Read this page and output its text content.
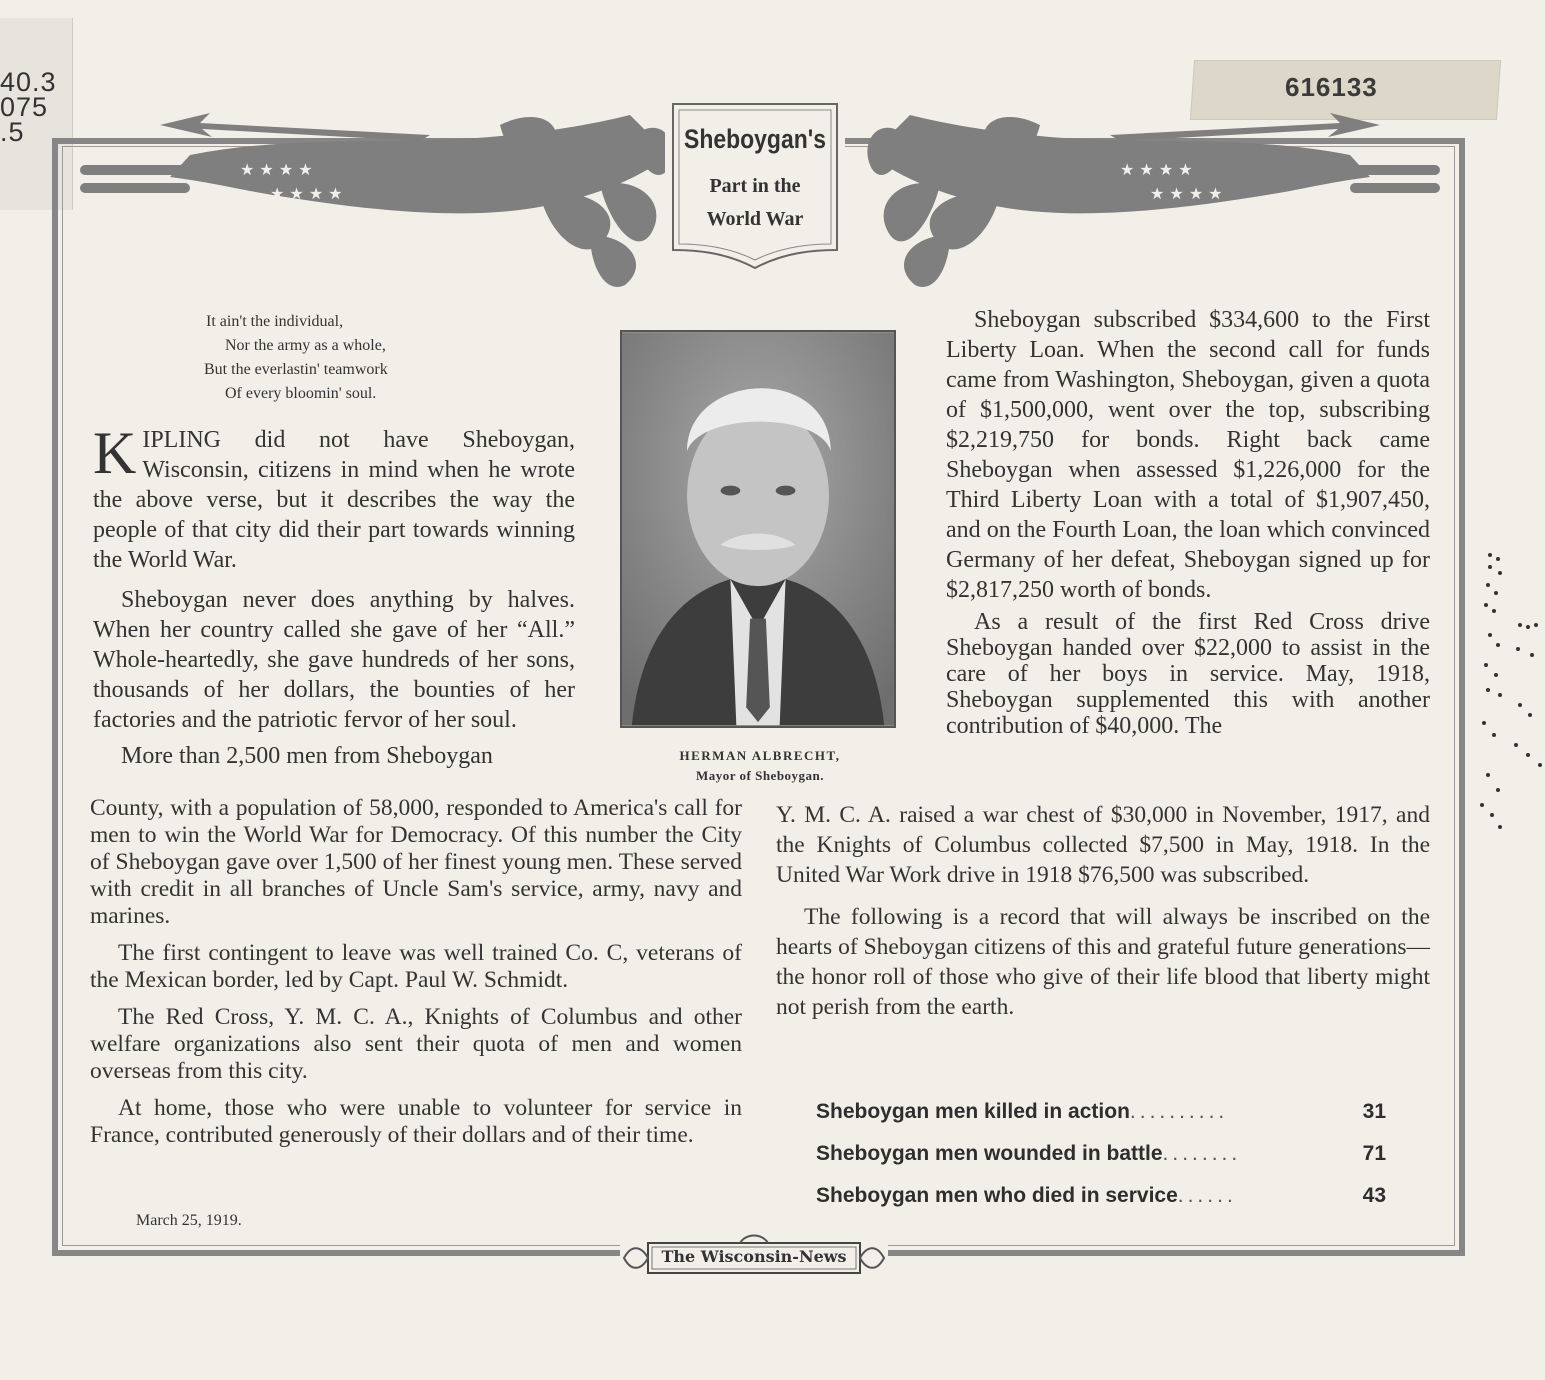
40.3
075
.5
616133
★ ★ ★ ★
★ ★ ★ ★
★ ★ ★ ★
★ ★ ★ ★
Sheboygan's
Part in the
World War
It ain't the individual,
Nor the army as a whole,
But the everlastin' teamwork
Of every bloomin' soul.
HERMAN ALBRECHT,
Mayor of Sheboygan.

KIPLING did not have Sheboygan, Wisconsin, citizens in mind when he wrote the above verse, but it describes the way the people of that city did their part towards winning the World War.

Sheboygan never does anything by halves. When her country called she gave of her “All.” Whole-heartedly, she gave hundreds of her sons, thousands of her dollars, the bounties of her factories and the patriotic fervor of her soul.

More than 2,500 men from Sheboygan

County, with a population of 58,000, responded to America's call for men to win the World War for Democracy. Of this number the City of Sheboygan gave over 1,500 of her finest young men. These served with credit in all branches of Uncle Sam's service, army, navy and marines.

The first contingent to leave was well trained Co. C, veterans of the Mexican border, led by Capt. Paul W. Schmidt.

The Red Cross, Y. M. C. A., Knights of Columbus and other welfare organizations also sent their quota of men and women overseas from this city.

At home, those who were unable to volunteer for service in France, contributed generously of their dollars and of their time.

March 25, 1919.

Sheboygan subscribed $334,600 to the First Liberty Loan. When the second call for funds came from Washington, Sheboygan, given a quota of $1,500,000, went over the top, subscribing $2,219,750 for bonds. Right back came Sheboygan when assessed $1,226,000 for the Third Liberty Loan with a total of $1,907,450, and on the Fourth Loan, the loan which convinced Germany of her defeat, Sheboygan signed up for $2,817,250 worth of bonds.

As a result of the first Red Cross drive Sheboygan handed over $22,000 to assist in the care of her boys in service. May, 1918, Sheboygan supplemented this with another contribution of $40,000. The

Y. M. C. A. raised a war chest of $30,000 in November, 1917, and the Knights of Columbus collected $7,500 in May, 1918. In the United War Work drive in 1918 $76,500 was subscribed.

The following is a record that will always be inscribed on the hearts of Sheboygan citizens of this and grateful future generations—the honor roll of those who give of their life blood that liberty might not perish from the earth.

Sheboygan men killed in action ..........	31
Sheboygan men wounded in battle ........	71
Sheboygan men who died in service ......	43
The Wisconsin-News
